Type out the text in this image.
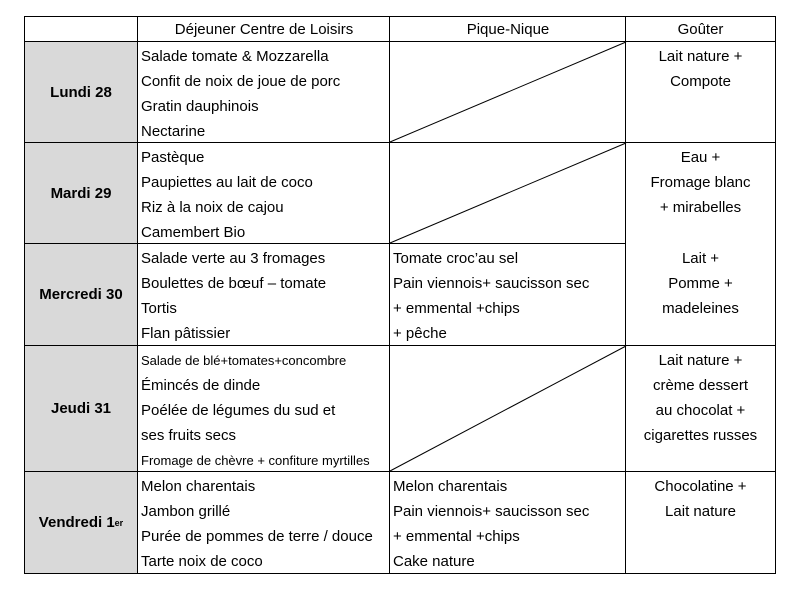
Lundi 28
Mardi 29
Mercredi 30
Jeudi 31
Vendredi 1 er
Déjeuner Centre de Loisirs	Pique-Nique	Goûter
Salade tomate & Mozzarella
Confit de noix de joue de porc
Gratin dauphinois
Nectarine
Pastèque
Paupiettes au lait de coco
Riz à la noix de cajou
Camembert Bio
Salade verte au 3 fromages
Boulettes de bœuf – tomate
Tortis
Flan pâtissier
Salade de blé+tomates+concombre
Émincés de dinde
Poélée de légumes du sud et
ses fruits secs
Fromage de chèvre + confiture myrtilles
Melon charentais
Jambon grillé
Purée de pommes de terre / douce
Tarte noix de coco
Tomate croc’au sel
Pain viennois+ saucisson sec
+ emmental +chips
+ pêche
Melon charentais
Pain viennois+ saucisson sec
+ emmental +chips
Cake nature
Lait nature +
Compote
Eau +
Fromage blanc
+ mirabelles
Lait +
Pomme +
madeleines
Lait nature +
crème dessert
au chocolat +
cigarettes russes
Chocolatine +
Lait nature
